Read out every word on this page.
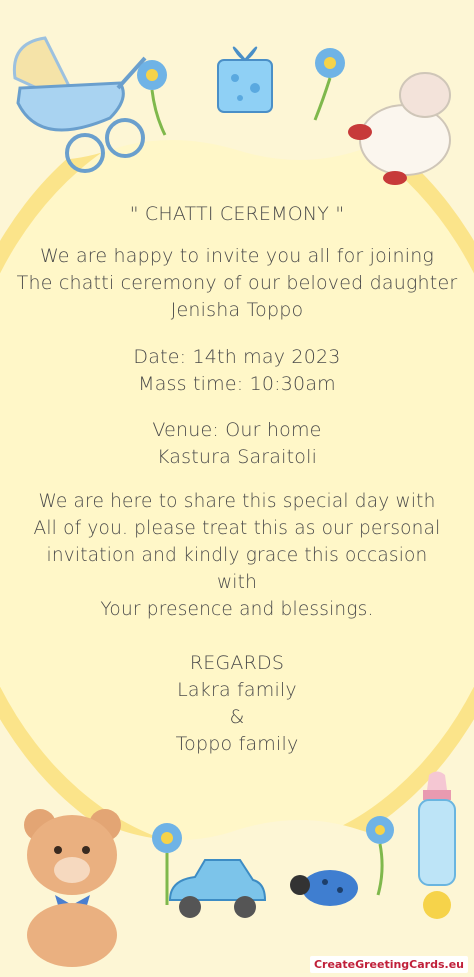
" CHATTI CEREMONY "
We are happy to invite you all for joining
The chatti ceremony of our beloved daughter
Jenisha Toppo
Date: 14th may 2023
Mass time: 10:30am
Venue: Our home
Kastura Saraitoli
We are here to share this special day with
All of you. please treat this as our personal
invitation and kindly grace this occasion
with
Your presence and blessings.
REGARDS
Lakra family
&
Toppo family
CreateGreetingCards.eu
